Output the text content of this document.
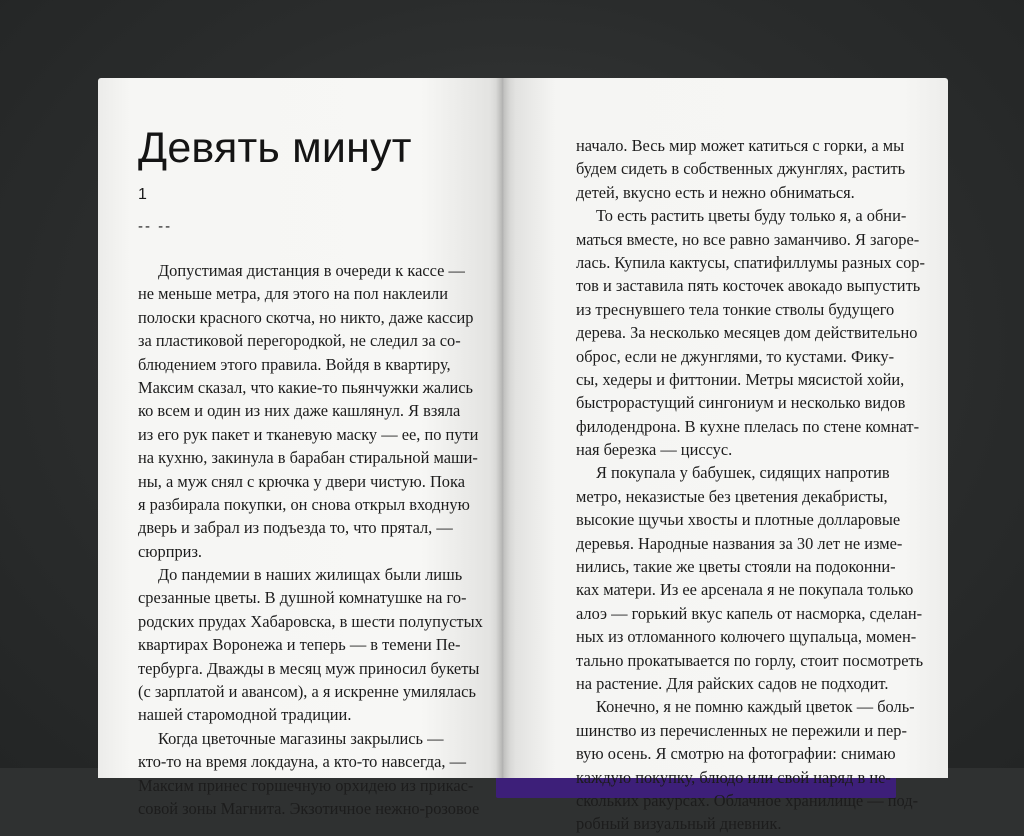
Девять минут
1
-- --
Допустимая дистанция в очереди к кассе —
не меньше метра, для этого на пол наклеили
полоски красного скотча, но никто, даже кассир
за пластиковой перегородкой, не следил за со-
блюдением этого правила. Войдя в квартиру,
Максим сказал, что какие-то пьянчужки жались
ко всем и один из них даже кашлянул. Я взяла
из его рук пакет и тканевую маску — ее, по пути
на кухню, закинула в барабан стиральной маши-
ны, а муж снял с крючка у двери чистую. Пока
я разбирала покупки, он снова открыл входную
дверь и забрал из подъезда то, что прятал, —
сюрприз.
До пандемии в наших жилищах были лишь
срезанные цветы. В душной комнатушке на го-
родских прудах Хабаровска, в шести полупустых
квартирах Воронежа и теперь — в темени Пе-
тербурга. Дважды в месяц муж приносил букеты
(с зарплатой и авансом), а я искренне умилялась
нашей старомодной традиции.
Когда цветочные магазины закрылись —
кто-то на время локдауна, а кто-то навсегда, —
Максим принес горшечную орхидею из прикас-
совой зоны Магнита. Экзотичное нежно-розовое
начало. Весь мир может катиться с горки, а мы
будем сидеть в собственных джунглях, растить
детей, вкусно есть и нежно обниматься.
То есть растить цветы буду только я, а обни-
маться вместе, но все равно заманчиво. Я загоре-
лась. Купила кактусы, спатифиллумы разных сор-
тов и заставила пять косточек авокадо выпустить
из треснувшего тела тонкие стволы будущего
дерева. За несколько месяцев дом действительно
оброс, если не джунглями, то кустами. Фику-
сы, хедеры и фиттонии. Метры мясистой хойи,
быстрорастущий сингониум и несколько видов
филодендрона. В кухне плелась по стене комнат-
ная березка — циссус.
Я покупала у бабушек, сидящих напротив
метро, неказистые без цветения декабристы,
высокие щучьи хвосты и плотные долларовые
деревья. Народные названия за 30 лет не изме-
нились, такие же цветы стояли на подоконни-
ках матери. Из ее арсенала я не покупала только
алоэ — горький вкус капель от насморка, сделан-
ных из отломанного колючего щупальца, момен-
тально прокатывается по горлу, стоит посмотреть
на растение. Для райских садов не подходит.
Конечно, я не помню каждый цветок — боль-
шинство из перечисленных не пережили и пер-
вую осень. Я смотрю на фотографии: снимаю
каждую покупку, блюдо или свой наряд в не-
скольких ракурсах. Облачное хранилище — под-
робный визуальный дневник.
